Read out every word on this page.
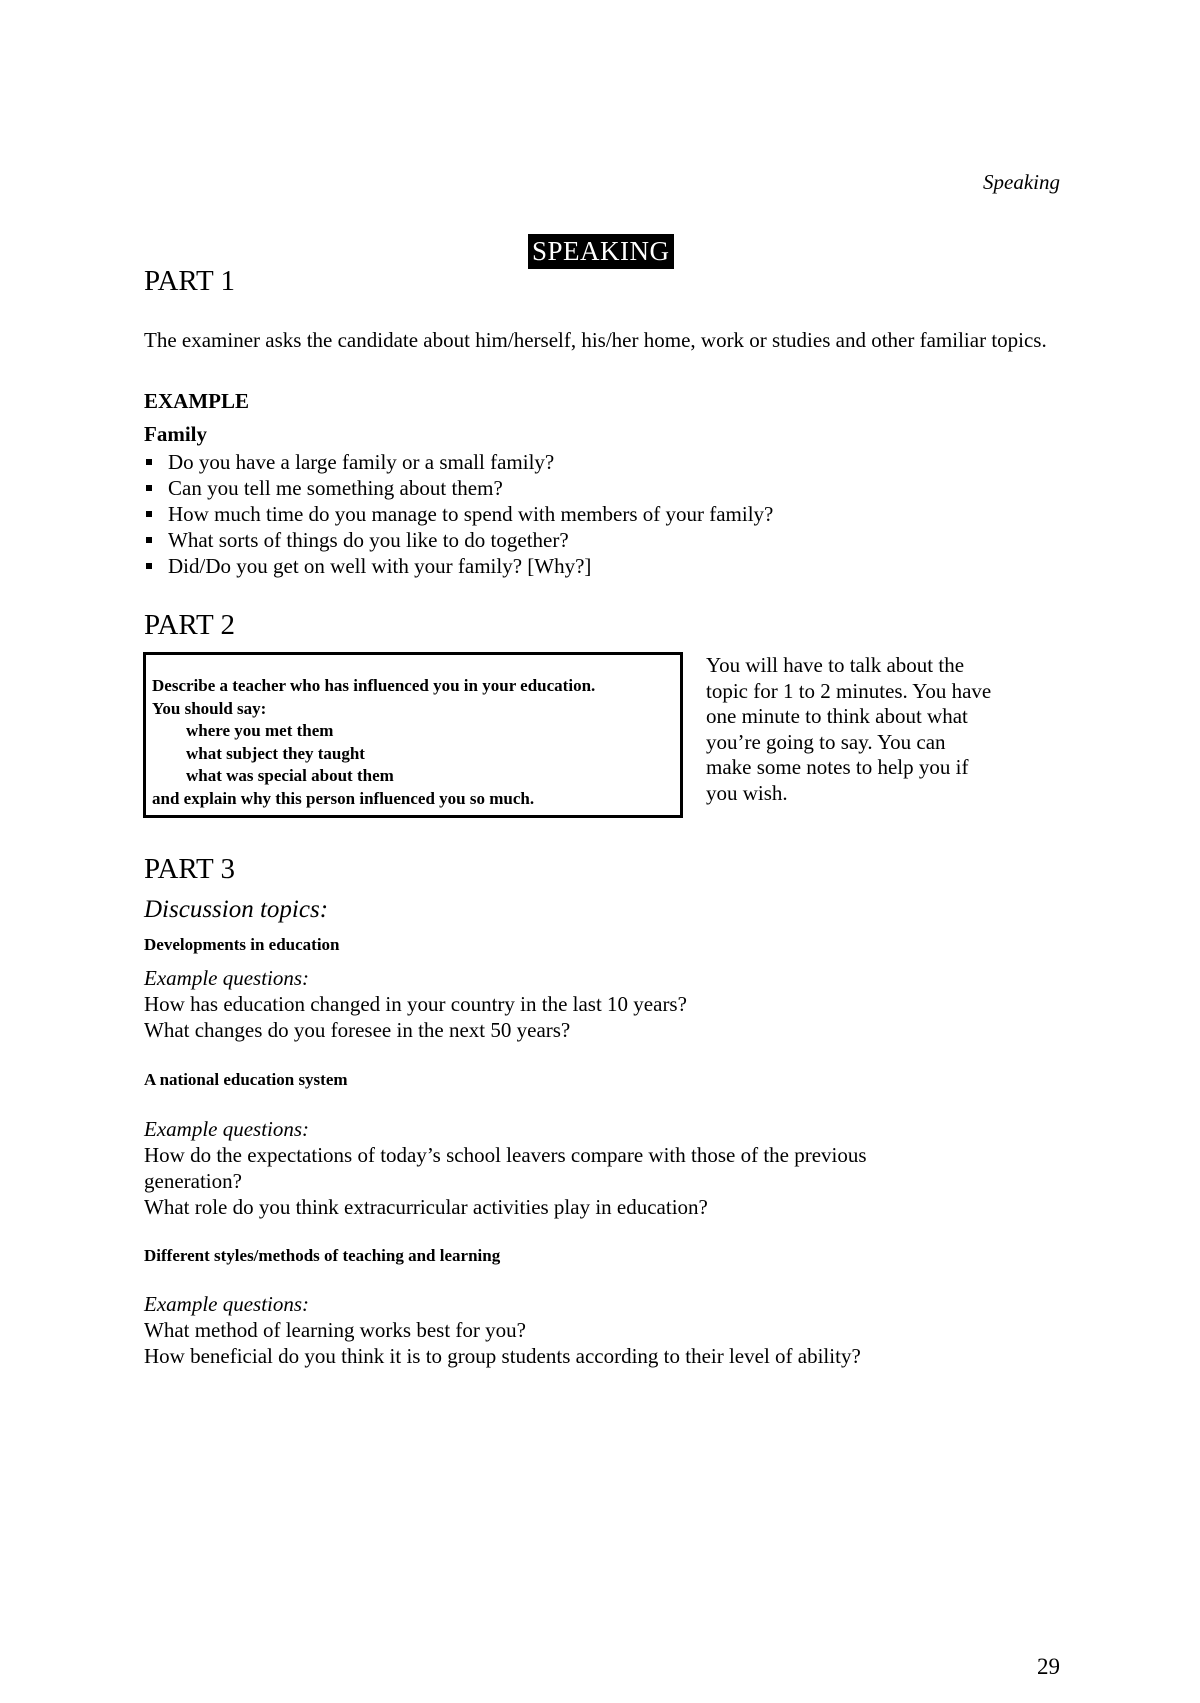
Speaking
SPEAKING
PART 1
The examiner asks the candidate about him/herself, his/her home, work or studies and other familiar topics.
EXAMPLE
Family
Do you have a large family or a small family?
Can you tell me something about them?
How much time do you manage to spend with members of your family?
What sorts of things do you like to do together?
Did/Do you get on well with your family? [Why?]
PART 2
Describe a teacher who has influenced you in your education.
You should say:
where you met them
what subject they taught
what was special about them
and explain why this person influenced you so much.
You will have to talk about the topic for 1 to 2 minutes. You have one minute to think about what you’re going to say. You can make some notes to help you if you wish.
PART 3
Discussion topics:
Developments in education
Example questions:
How has education changed in your country in the last 10 years?
What changes do you foresee in the next 50 years?
A national education system
Example questions:
How do the expectations of today’s school leavers compare with those of the previous generation?
What role do you think extracurricular activities play in education?
Different styles/methods of teaching and learning
Example questions:
What method of learning works best for you?
How beneficial do you think it is to group students according to their level of ability?
29
